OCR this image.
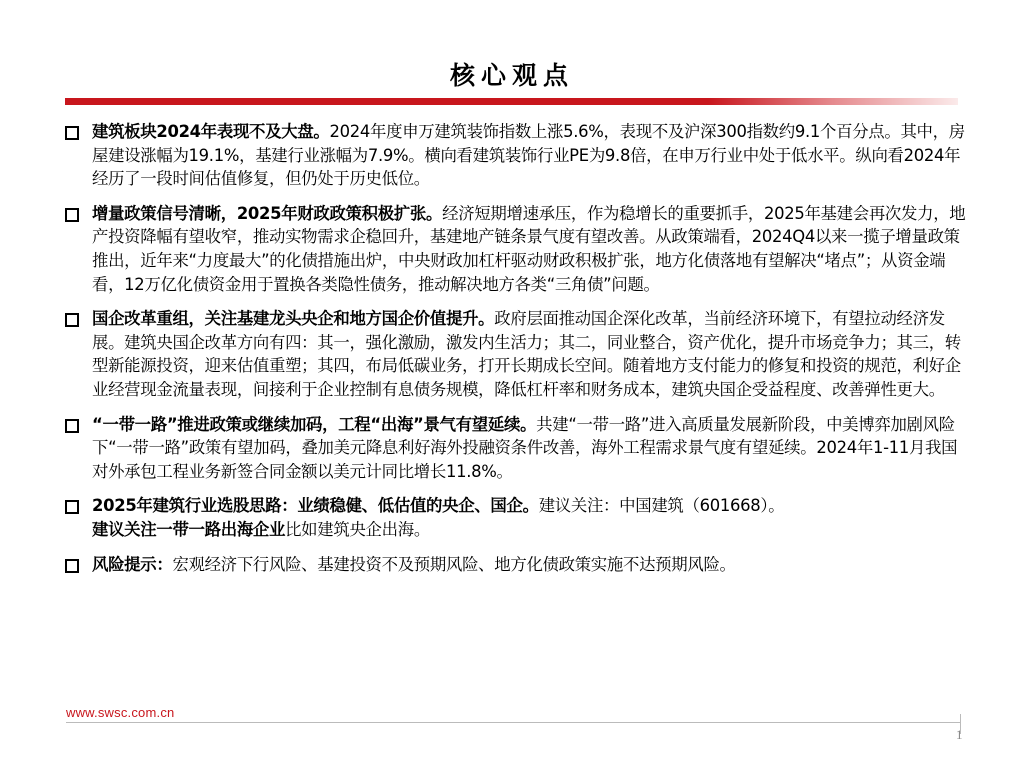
核心观点
建筑板块2024年表现不及大盘。2024年度申万建筑装饰指数上涨5.6%，表现不及沪深300指数约9.1个百分点。其中，房屋建设涨幅为19.1%，基建行业涨幅为7.9%。横向看建筑装饰行业PE为9.8倍，在申万行业中处于低水平。纵向看2024年经历了一段时间估值修复，但仍处于历史低位。
增量政策信号清晰，2025年财政政策积极扩张。经济短期增速承压，作为稳增长的重要抓手，2025年基建会再次发力，地产投资降幅有望收窄，推动实物需求企稳回升，基建地产链条景气度有望改善。从政策端看，2024Q4以来一揽子增量政策推出，近年来“力度最大”的化债措施出炉，中央财政加杠杆驱动财政积极扩张，地方化债落地有望解决“堵点”；从资金端看，12万亿化债资金用于置换各类隐性债务，推动解决地方各类“三角债”问题。
国企改革重组，关注基建龙头央企和地方国企价值提升。政府层面推动国企深化改革，当前经济环境下，有望拉动经济发展。建筑央国企改革方向有四：其一，强化激励，激发内生活力；其二，同业整合，资产优化，提升市场竞争力；其三，转型新能源投资，迎来估值重塑；其四，布局低碳业务，打开长期成长空间。随着地方支付能力的修复和投资的规范，利好企业经营现金流量表现，间接利于企业控制有息债务规模，降低杠杆率和财务成本，建筑央国企受益程度、改善弹性更大。
“一带一路”推进政策或继续加码，工程“出海”景气有望延续。共建“一带一路”进入高质量发展新阶段，中美博弈加剧风险下“一带一路”政策有望加码，叠加美元降息利好海外投融资条件改善，海外工程需求景气度有望延续。2024年1-11月我国对外承包工程业务新签合同金额以美元计同比增长11.8%。
2025年建筑行业选股思路：业绩稳健、低估值的央企、国企。建议关注：中国建筑（601668）。
建议关注一带一路出海企业比如建筑央企出海。
风险提示：宏观经济下行风险、基建投资不及预期风险、地方化债政策实施不达预期风险。
www.swsc.com.cn
1
